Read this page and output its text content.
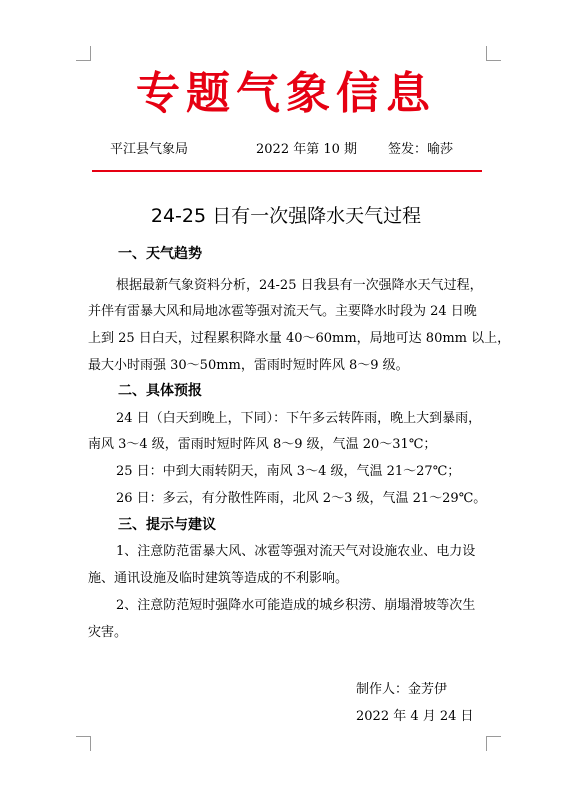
专题气象信息
平江县气象局	2022 年第 10 期 签发：喻莎
24-25 日有一次强降水天气过程
一、天气趋势
根据最新气象资料分析，24-25 日我县有一次强降水天气过程，
并伴有雷暴大风和局地冰雹等强对流天气。主要降水时段为 24 日晚
上到 25 日白天，过程累积降水量 40～60mm，局地可达 80mm 以上，
最大小时雨强 30～50mm，雷雨时短时阵风 8～9 级。
二、具体预报
24 日（白天到晚上，下同）：下午多云转阵雨，晚上大到暴雨，
南风 3～4 级，雷雨时短时阵风 8～9 级，气温 20～31℃；
25 日：中到大雨转阴天，南风 3～4 级，气温 21～27℃；
26 日：多云，有分散性阵雨，北风 2～3 级，气温 21～29℃。
三、提示与建议
1、注意防范雷暴大风、冰雹等强对流天气对设施农业、电力设
施、通讯设施及临时建筑等造成的不利影响。
2、注意防范短时强降水可能造成的城乡积涝、崩塌滑坡等次生
灾害。
制作人：金芳伊
2022 年 4 月 24 日
